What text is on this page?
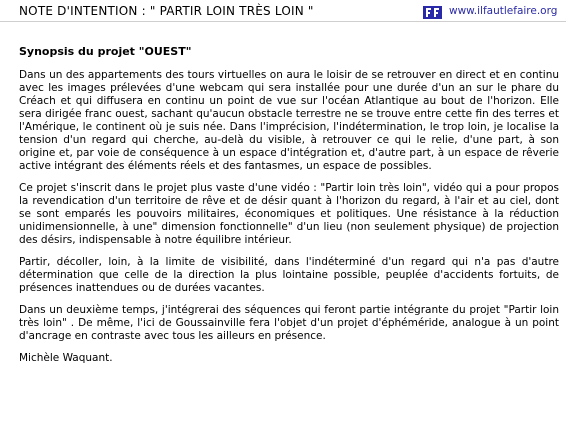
NOTE D'INTENTION : " PARTIR LOIN TRÈS LOIN "	www.ilfautlefaire.org
Synopsis du projet "OUEST"

Dans un des appartements des tours virtuelles on aura le loisir de se retrouver en direct et en continu avec les images prélevées d'une webcam qui sera installée pour une durée d'un an sur le phare du Créach et qui diffusera en continu un point de vue sur l'océan Atlantique au bout de l'horizon. Elle sera dirigée franc ouest, sachant qu'aucun obstacle terrestre ne se trouve entre cette fin des terres et l'Amérique, le continent où je suis née. Dans l'imprécision, l'indétermination, le trop loin, je localise la tension d'un regard qui cherche, au-delà du visible, à retrouver ce qui le relie, d'une part, à son origine et, par voie de conséquence à un espace d'intégration et, d'autre part, à un espace de rêverie active intégrant des éléments réels et des fantasmes, un espace de possibles.

Ce projet s'inscrit dans le projet plus vaste d'une vidéo : "Partir loin très loin", vidéo qui a pour propos la revendication d'un territoire de rêve et de désir quant à l'horizon du regard, à l'air et au ciel, dont se sont emparés les pouvoirs militaires, économiques et politiques. Une résistance à la réduction unidimensionnelle, à une" dimension fonctionnelle" d'un lieu (non seulement physique) de projection des désirs, indispensable à notre équilibre intérieur.

Partir, décoller, loin, à la limite de visibilité, dans l'indéterminé d'un regard qui n'a pas d'autre détermination que celle de la direction la plus lointaine possible, peuplée d'accidents fortuits, de présences inattendues ou de durées vacantes.

Dans un deuxième temps, j'intégrerai des séquences qui feront partie intégrante du projet "Partir loin très loin" . De même, l'ici de Goussainville fera l'objet d'un projet d'éphéméride, analogue à un point d'ancrage en contraste avec tous les ailleurs en présence.

Michèle Waquant.
